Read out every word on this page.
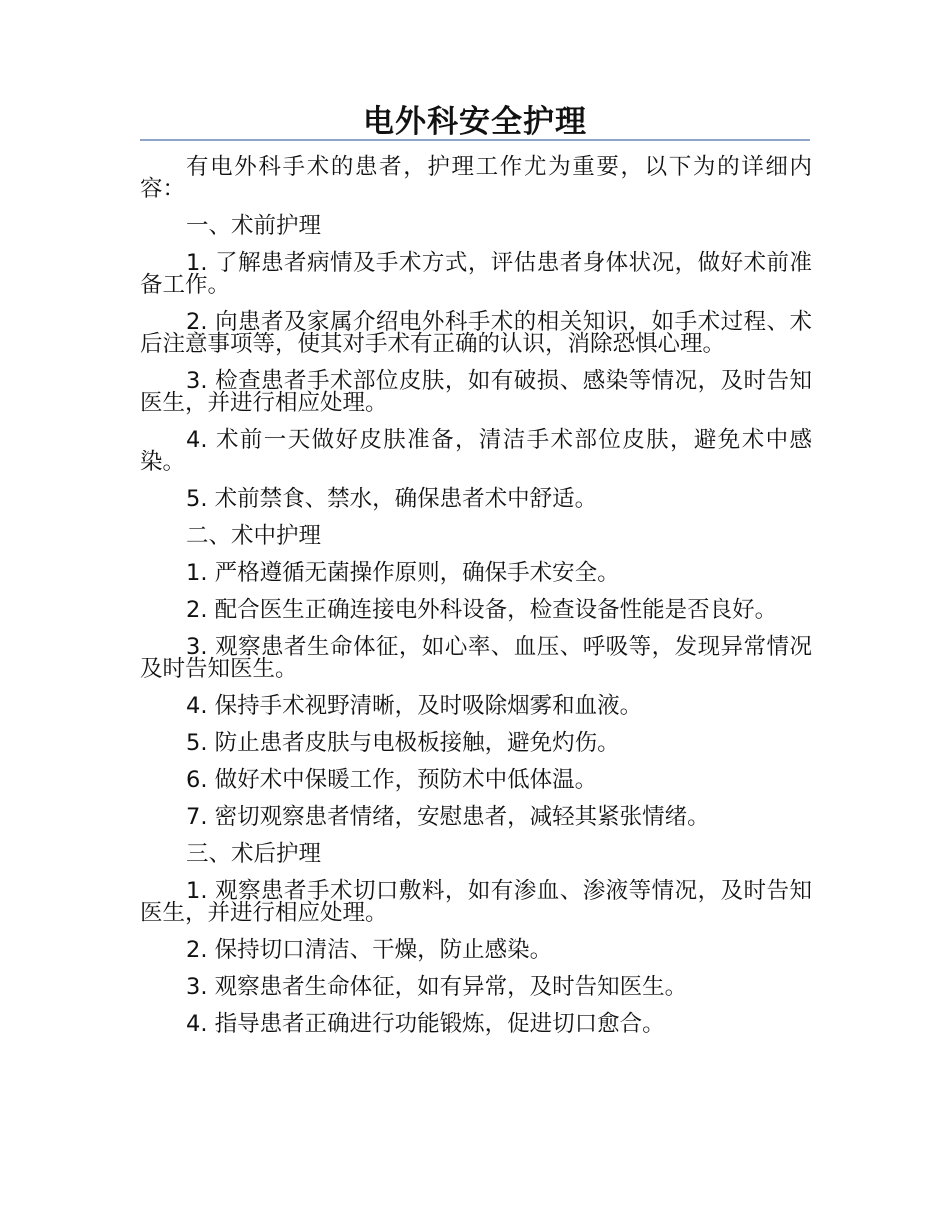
电外科安全护理

有电外科手术的患者，护理工作尤为重要，以下为的详细内容：

一、术前护理

1. 了解患者病情及手术方式，评估患者身体状况，做好术前准备工作。

2. 向患者及家属介绍电外科手术的相关知识，如手术过程、术后注意事项等，使其对手术有正确的认识，消除恐惧心理。

3. 检查患者手术部位皮肤，如有破损、感染等情况，及时告知医生，并进行相应处理。

4. 术前一天做好皮肤准备，清洁手术部位皮肤，避免术中感染。

5. 术前禁食、禁水，确保患者术中舒适。

二、术中护理

1. 严格遵循无菌操作原则，确保手术安全。

2. 配合医生正确连接电外科设备，检查设备性能是否良好。

3. 观察患者生命体征，如心率、血压、呼吸等，发现异常情况及时告知医生。

4. 保持手术视野清晰，及时吸除烟雾和血液。

5. 防止患者皮肤与电极板接触，避免灼伤。

6. 做好术中保暖工作，预防术中低体温。

7. 密切观察患者情绪，安慰患者，减轻其紧张情绪。

三、术后护理

1. 观察患者手术切口敷料，如有渗血、渗液等情况，及时告知医生，并进行相应处理。

2. 保持切口清洁、干燥，防止感染。

3. 观察患者生命体征，如有异常，及时告知医生。

4. 指导患者正确进行功能锻炼，促进切口愈合。
